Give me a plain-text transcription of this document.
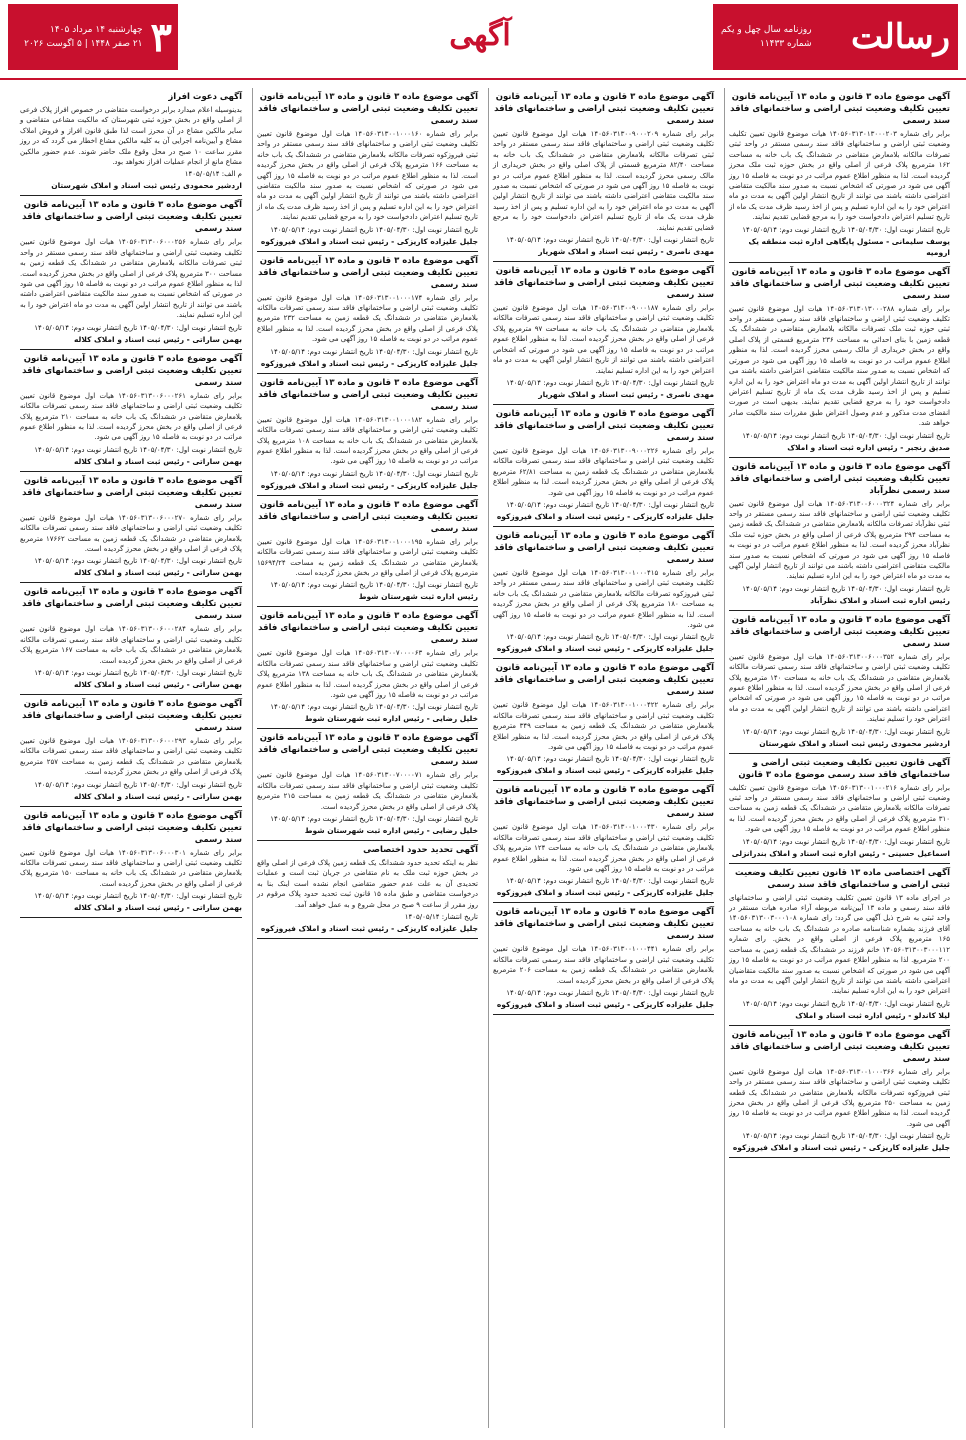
رسالت
روزنامه سال چهل و یکم
شماره ۱۱۴۳۳
آگهی
۳
چهارشنبه ۱۴ مرداد ۱۴۰۵
۲۱ صفر ۱۴۴۸ | ۵ اگوست ۲۰۲۶
آگهی موضوع ماده ۳ قانون و ماده ۱۳ آیین‌نامه قانون تعیین تکلیف وضعیت ثبتی اراضی و ساختمانهای فاقد سند رسمی
برابر رای شماره ۱۴۰۵۶۰۳۱۳۰۱۳۰۰۰۲۰۳ هیات موضوع قانون تعیین تکلیف وضعیت ثبتی اراضی و ساختمانهای فاقد سند رسمی مستقر در واحد ثبتی تصرفات مالکانه بلامعارض متقاضی در ششدانگ یک باب خانه به مساحت ۱۶۲ مترمربع پلاک فرعی از اصلی واقع در بخش حوزه ثبت ملک محرز گردیده است. لذا به منظور اطلاع عموم مراتب در دو نوبت به فاصله ۱۵ روز آگهی می شود در صورتی که اشخاص نسبت به صدور سند مالکیت متقاضی اعتراضی داشته باشند می توانند از تاریخ انتشار اولین آگهی به مدت دو ماه اعتراض خود را به این اداره تسلیم و پس از اخذ رسید ظرف مدت یک ماه از تاریخ تسلیم اعتراض دادخواست خود را به مرجع قضایی تقدیم نمایند.
تاریخ انتشار نوبت اول: ۱۴۰۵/۰۴/۳۰ تاریخ انتشار نوبت دوم: ۱۴۰۵/۰۵/۱۴
یوسف سلیمانی - مسئول پایگاهی اداره ثبت منطقه یک ارومیه
آگهی موضوع ماده ۳ قانون و ماده ۱۳ آیین‌نامه قانون تعیین تکلیف وضعیت ثبتی اراضی و ساختمانهای فاقد سند رسمی
برابر رای شماره ۱۴۰۵۶۰۳۱۳۰۱۳۰۰۰۲۸۸ هیات اول موضوع قانون تعیین تکلیف وضعیت ثبتی اراضی و ساختمانهای فاقد سند رسمی مستقر در واحد ثبتی حوزه ثبت ملک تصرفات مالکانه بلامعارض متقاضی در ششدانگ یک قطعه زمین با بنای احداثی به مساحت ۲۳۶ مترمربع قسمتی از پلاک اصلی واقع در بخش خریداری از مالک رسمی محرز گردیده است. لذا به منظور اطلاع عموم مراتب در دو نوبت به فاصله ۱۵ روز آگهی می شود در صورتی که اشخاص نسبت به صدور سند مالکیت متقاضی اعتراضی داشته باشند می توانند از تاریخ انتشار اولین آگهی به مدت دو ماه اعتراض خود را به این اداره تسلیم و پس از اخذ رسید ظرف مدت یک ماه از تاریخ تسلیم اعتراض دادخواست خود را به مرجع قضایی تقدیم نمایند. بدیهی است در صورت انقضای مدت مذکور و عدم وصول اعتراض طبق مقررات سند مالکیت صادر خواهد شد.
تاریخ انتشار نوبت اول: ۱۴۰۵/۰۴/۳۰ تاریخ انتشار نوبت دوم: ۱۴۰۵/۰۵/۱۴
صدیق رنجبر - رئیس اداره ثبت اسناد و املاک
آگهی موضوع ماده ۳ قانون و ماده ۱۳ آیین‌نامه قانون تعیین تکلیف وضعیت ثبتی اراضی و ساختمانهای فاقد سند رسمی نظرآباد
برابر رای شماره ۱۴۰۵۶۰۳۱۳۰۰۶۰۰۰۳۲۴ هیات اول موضوع قانون تعیین تکلیف وضعیت ثبتی اراضی و ساختمانهای فاقد سند رسمی مستقر در واحد ثبتی نظرآباد تصرفات مالکانه بلامعارض متقاضی در ششدانگ یک قطعه زمین به مساحت ۲۹۴ مترمربع پلاک فرعی از اصلی واقع در بخش حوزه ثبت ملک نظرآباد محرز گردیده است. لذا به منظور اطلاع عموم مراتب در دو نوبت به فاصله ۱۵ روز آگهی می شود در صورتی که اشخاص نسبت به صدور سند مالکیت متقاضی اعتراضی داشته باشند می توانند از تاریخ انتشار اولین آگهی به مدت دو ماه اعتراض خود را به این اداره تسلیم نمایند.
تاریخ انتشار نوبت اول: ۱۴۰۵/۰۴/۳۰ تاریخ انتشار نوبت دوم: ۱۴۰۵/۰۵/۱۴
رئیس اداره ثبت اسناد و املاک نظرآباد
آگهی موضوع ماده ۳ قانون و ماده ۱۳ آیین‌نامه قانون تعیین تکلیف وضعیت ثبتی اراضی و ساختمانهای فاقد سند رسمی
برابر رای شماره ۱۴۰۵۶۰۳۱۳۰۰۶۰۰۰۳۵۲ هیات اول موضوع قانون تعیین تکلیف وضعیت ثبتی اراضی و ساختمانهای فاقد سند رسمی تصرفات مالکانه بلامعارض متقاضی در ششدانگ یک باب خانه به مساحت ۱۴۰ مترمربع پلاک فرعی از اصلی واقع در بخش محرز گردیده است. لذا به منظور اطلاع عموم مراتب در دو نوبت به فاصله ۱۵ روز آگهی می شود در صورتی که اشخاص اعتراضی داشته باشند می توانند از تاریخ انتشار اولین آگهی به مدت دو ماه اعتراض خود را تسلیم نمایند.
تاریخ انتشار نوبت اول: ۱۴۰۵/۰۴/۳۰ تاریخ انتشار نوبت دوم: ۱۴۰۵/۰۵/۱۴
اردشیر محمودی رئیس ثبت اسناد و املاک شهرستان
آگهی قانون تعیین تکلیف وضعیت ثبتی اراضی و ساختمانهای فاقد سند رسمی موضوع ماده ۳ قانون
برابر رای شماره ۱۴۰۵۶۰۳۱۳۰۰۱۰۰۰۲۱۶ هیات موضوع قانون تعیین تکلیف وضعیت ثبتی اراضی و ساختمانهای فاقد سند رسمی مستقر در واحد ثبتی تصرفات مالکانه بلامعارض متقاضی در ششدانگ یک قطعه زمین به مساحت ۳۱۰ مترمربع پلاک فرعی از اصلی واقع در بخش محرز گردیده است. لذا به منظور اطلاع عموم مراتب در دو نوبت به فاصله ۱۵ روز آگهی می شود.
تاریخ انتشار نوبت اول: ۱۴۰۵/۰۴/۳۰ تاریخ انتشار نوبت دوم: ۱۴۰۵/۰۵/۱۴
اسماعیل حسینی - رئیس اداره ثبت اسناد و املاک بندرانزلی
آگهی اختصاصی ماده ۱۳ قانون تعیین تکلیف وضعیت ثبتی اراضی و ساختمانهای فاقد سند رسمی
در اجرای ماده ۱۳ قانون تعیین تکلیف وضعیت ثبتی اراضی و ساختمانهای فاقد سند رسمی و ماده ۱۳ آیین‌نامه مربوطه آراء صادره هیات مستقر در واحد ثبتی به شرح ذیل آگهی می گردد: رای شماره ۱۴۰۵۶۰۳۱۳۰۰۳۰۰۰۱۰۸ آقای فرزند بشماره شناسنامه صادره در ششدانگ یک باب خانه به مساحت ۱۶۵ مترمربع پلاک فرعی از اصلی واقع در بخش. رای شماره ۱۴۰۵۶۰۳۱۳۰۰۳۰۰۰۱۱۲ خانم فرزند در ششدانگ یک قطعه زمین به مساحت ۲۰۰ مترمربع. لذا به منظور اطلاع عموم مراتب در دو نوبت به فاصله ۱۵ روز آگهی می شود در صورتی که اشخاص نسبت به صدور سند مالکیت متقاضیان اعتراضی داشته باشند می توانند از تاریخ انتشار اولین آگهی به مدت دو ماه اعتراض خود را به این اداره تسلیم نمایند.
تاریخ انتشار نوبت اول: ۱۴۰۵/۰۴/۳۰ تاریخ انتشار نوبت دوم: ۱۴۰۵/۰۵/۱۴
لیلا کاندلو - رئیس اداره ثبت اسناد و املاک
آگهی موضوع ماده ۳ قانون و ماده ۱۳ آیین‌نامه قانون تعیین تکلیف وضعیت ثبتی اراضی و ساختمانهای فاقد سند رسمی
برابر رای شماره ۱۴۰۵۶۰۳۱۳۰۰۱۰۰۰۳۶۶ هیات اول موضوع قانون تعیین تکلیف وضعیت ثبتی اراضی و ساختمانهای فاقد سند رسمی مستقر در واحد ثبتی فیروزکوه تصرفات مالکانه بلامعارض متقاضی در ششدانگ یک قطعه زمین به مساحت ۲۵۰ مترمربع پلاک فرعی از اصلی واقع در بخش محرز گردیده است. لذا به منظور اطلاع عموم مراتب در دو نوبت به فاصله ۱۵ روز آگهی می شود.
تاریخ انتشار نوبت اول: ۱۴۰۵/۰۴/۳۰ تاریخ انتشار نوبت دوم: ۱۴۰۵/۰۵/۱۴
جلیل علیزاده کاریزکی - رئیس ثبت اسناد و املاک فیروزکوه
آگهی موضوع ماده ۳ قانون و ماده ۱۳ آیین‌نامه قانون تعیین تکلیف وضعیت ثبتی اراضی و ساختمانهای فاقد سند رسمی
برابر رای شماره ۱۴۰۵۶۰۳۱۳۰۰۹۰۰۰۲۰۹ هیات اول موضوع قانون تعیین تکلیف وضعیت ثبتی اراضی و ساختمانهای فاقد سند رسمی مستقر در واحد ثبتی تصرفات مالکانه بلامعارض متقاضی در ششدانگ یک باب خانه به مساحت ۸۲/۴۰ مترمربع قسمتی از پلاک اصلی واقع در بخش خریداری از مالک رسمی محرز گردیده است. لذا به منظور اطلاع عموم مراتب در دو نوبت به فاصله ۱۵ روز آگهی می شود در صورتی که اشخاص نسبت به صدور سند مالکیت متقاضی اعتراضی داشته باشند می توانند از تاریخ انتشار اولین آگهی به مدت دو ماه اعتراض خود را به این اداره تسلیم و پس از اخذ رسید ظرف مدت یک ماه از تاریخ تسلیم اعتراض دادخواست خود را به مرجع قضایی تقدیم نمایند.
تاریخ انتشار نوبت اول: ۱۴۰۵/۰۴/۳۰ تاریخ انتشار نوبت دوم: ۱۴۰۵/۰۵/۱۴
مهدی ناصری - رئیس ثبت اسناد و املاک شهریار
آگهی موضوع ماده ۳ قانون و ماده ۱۳ آیین‌نامه قانون تعیین تکلیف وضعیت ثبتی اراضی و ساختمانهای فاقد سند رسمی
برابر رای شماره ۱۴۰۵۶۰۳۱۳۰۰۹۰۰۰۱۸۷ هیات اول موضوع قانون تعیین تکلیف وضعیت ثبتی اراضی و ساختمانهای فاقد سند رسمی تصرفات مالکانه بلامعارض متقاضی در ششدانگ یک باب خانه به مساحت ۹۷ مترمربع پلاک فرعی از اصلی واقع در بخش محرز گردیده است. لذا به منظور اطلاع عموم مراتب در دو نوبت به فاصله ۱۵ روز آگهی می شود در صورتی که اشخاص اعتراضی داشته باشند می توانند از تاریخ انتشار اولین آگهی به مدت دو ماه اعتراض خود را به این اداره تسلیم نمایند.
تاریخ انتشار نوبت اول: ۱۴۰۵/۰۴/۳۰ تاریخ انتشار نوبت دوم: ۱۴۰۵/۰۵/۱۴
مهدی ناصری - رئیس ثبت اسناد و املاک شهریار
آگهی موضوع ماده ۳ قانون و ماده ۱۳ آیین‌نامه قانون تعیین تکلیف وضعیت ثبتی اراضی و ساختمانهای فاقد سند رسمی
برابر رای شماره ۱۴۰۵۶۰۳۱۳۰۰۹۰۰۰۲۲۶ هیات اول موضوع قانون تعیین تکلیف وضعیت ثبتی اراضی و ساختمانهای فاقد سند رسمی تصرفات مالکانه بلامعارض متقاضی در ششدانگ یک قطعه زمین به مساحت ۶۲/۸۱ مترمربع پلاک فرعی از اصلی واقع در بخش محرز گردیده است. لذا به منظور اطلاع عموم مراتب در دو نوبت به فاصله ۱۵ روز آگهی می شود.
تاریخ انتشار نوبت اول: ۱۴۰۵/۰۴/۳۰ تاریخ انتشار نوبت دوم: ۱۴۰۵/۰۵/۱۴
جلیل علیزاده کاریزکی - رئیس ثبت اسناد و املاک فیروزکوه
آگهی موضوع ماده ۳ قانون و ماده ۱۳ آیین‌نامه قانون تعیین تکلیف وضعیت ثبتی اراضی و ساختمانهای فاقد سند رسمی
برابر رای شماره ۱۴۰۵۶۰۳۱۳۰۰۱۰۰۰۴۱۵ هیات اول موضوع قانون تعیین تکلیف وضعیت ثبتی اراضی و ساختمانهای فاقد سند رسمی مستقر در واحد ثبتی فیروزکوه تصرفات مالکانه بلامعارض متقاضی در ششدانگ یک باب خانه به مساحت ۱۸۰ مترمربع پلاک فرعی از اصلی واقع در بخش محرز گردیده است. لذا به منظور اطلاع عموم مراتب در دو نوبت به فاصله ۱۵ روز آگهی می شود.
تاریخ انتشار نوبت اول: ۱۴۰۵/۰۴/۳۰ تاریخ انتشار نوبت دوم: ۱۴۰۵/۰۵/۱۴
جلیل علیزاده کاریزکی - رئیس ثبت اسناد و املاک فیروزکوه
آگهی موضوع ماده ۳ قانون و ماده ۱۳ آیین‌نامه قانون تعیین تکلیف وضعیت ثبتی اراضی و ساختمانهای فاقد سند رسمی
برابر رای شماره ۱۴۰۵۶۰۳۱۳۰۰۱۰۰۰۴۲۲ هیات اول موضوع قانون تعیین تکلیف وضعیت ثبتی اراضی و ساختمانهای فاقد سند رسمی تصرفات مالکانه بلامعارض متقاضی در ششدانگ یک قطعه زمین به مساحت ۳۴۹ مترمربع پلاک فرعی از اصلی واقع در بخش محرز گردیده است. لذا به منظور اطلاع عموم مراتب در دو نوبت به فاصله ۱۵ روز آگهی می شود.
تاریخ انتشار نوبت اول: ۱۴۰۵/۰۴/۳۰ تاریخ انتشار نوبت دوم: ۱۴۰۵/۰۵/۱۴
جلیل علیزاده کاریزکی - رئیس ثبت اسناد و املاک فیروزکوه
آگهی موضوع ماده ۳ قانون و ماده ۱۳ آیین‌نامه قانون تعیین تکلیف وضعیت ثبتی اراضی و ساختمانهای فاقد سند رسمی
برابر رای شماره ۱۴۰۵۶۰۳۱۳۰۰۱۰۰۰۴۳۰ هیات اول موضوع قانون تعیین تکلیف وضعیت ثبتی اراضی و ساختمانهای فاقد سند رسمی تصرفات مالکانه بلامعارض متقاضی در ششدانگ یک باب خانه به مساحت ۱۲۴ مترمربع پلاک فرعی از اصلی واقع در بخش محرز گردیده است. لذا به منظور اطلاع عموم مراتب در دو نوبت به فاصله ۱۵ روز آگهی می شود.
تاریخ انتشار نوبت اول: ۱۴۰۵/۰۴/۳۰ تاریخ انتشار نوبت دوم: ۱۴۰۵/۰۵/۱۴
جلیل علیزاده کاریزکی - رئیس ثبت اسناد و املاک فیروزکوه
آگهی موضوع ماده ۳ قانون و ماده ۱۳ آیین‌نامه قانون تعیین تکلیف وضعیت ثبتی اراضی و ساختمانهای فاقد سند رسمی
برابر رای شماره ۱۴۰۵۶۰۳۱۳۰۰۱۰۰۰۴۴۱ هیات اول موضوع قانون تعیین تکلیف وضعیت ثبتی اراضی و ساختمانهای فاقد سند رسمی تصرفات مالکانه بلامعارض متقاضی در ششدانگ یک قطعه زمین به مساحت ۲۰۶ مترمربع پلاک فرعی از اصلی واقع در بخش محرز گردیده است.
تاریخ انتشار نوبت اول: ۱۴۰۵/۰۴/۳۰ تاریخ انتشار نوبت دوم: ۱۴۰۵/۰۵/۱۴
جلیل علیزاده کاریزکی - رئیس ثبت اسناد و املاک فیروزکوه
آگهی موضوع ماده ۳ قانون و ماده ۱۳ آیین‌نامه قانون تعیین تکلیف وضعیت ثبتی اراضی و ساختمانهای فاقد سند رسمی
برابر رای شماره ۱۴۰۵۶۰۳۱۳۰۰۱۰۰۰۱۶۰ هیات اول موضوع قانون تعیین تکلیف وضعیت ثبتی اراضی و ساختمانهای فاقد سند رسمی مستقر در واحد ثبتی فیروزکوه تصرفات مالکانه بلامعارض متقاضی در ششدانگ یک باب خانه به مساحت ۱۶۶ مترمربع پلاک فرعی از اصلی واقع در بخش محرز گردیده است. لذا به منظور اطلاع عموم مراتب در دو نوبت به فاصله ۱۵ روز آگهی می شود در صورتی که اشخاص نسبت به صدور سند مالکیت متقاضی اعتراضی داشته باشند می توانند از تاریخ انتشار اولین آگهی به مدت دو ماه اعتراض خود را به این اداره تسلیم و پس از اخذ رسید ظرف مدت یک ماه از تاریخ تسلیم اعتراض دادخواست خود را به مرجع قضایی تقدیم نمایند.
تاریخ انتشار نوبت اول: ۱۴۰۵/۰۴/۳۰ تاریخ انتشار نوبت دوم: ۱۴۰۵/۰۵/۱۴
جلیل علیزاده کاریزکی - رئیس ثبت اسناد و املاک فیروزکوه
آگهی موضوع ماده ۳ قانون و ماده ۱۳ آیین‌نامه قانون تعیین تکلیف وضعیت ثبتی اراضی و ساختمانهای فاقد سند رسمی
برابر رای شماره ۱۴۰۵۶۰۳۱۳۰۰۱۰۰۰۱۷۴ هیات اول موضوع قانون تعیین تکلیف وضعیت ثبتی اراضی و ساختمانهای فاقد سند رسمی تصرفات مالکانه بلامعارض متقاضی در ششدانگ یک قطعه زمین به مساحت ۲۳۲ مترمربع پلاک فرعی از اصلی واقع در بخش محرز گردیده است. لذا به منظور اطلاع عموم مراتب در دو نوبت به فاصله ۱۵ روز آگهی می شود.
تاریخ انتشار نوبت اول: ۱۴۰۵/۰۴/۳۰ تاریخ انتشار نوبت دوم: ۱۴۰۵/۰۵/۱۴
جلیل علیزاده کاریزکی - رئیس ثبت اسناد و املاک فیروزکوه
آگهی موضوع ماده ۳ قانون و ماده ۱۳ آیین‌نامه قانون تعیین تکلیف وضعیت ثبتی اراضی و ساختمانهای فاقد سند رسمی
برابر رای شماره ۱۴۰۵۶۰۳۱۳۰۰۱۰۰۰۱۸۲ هیات اول موضوع قانون تعیین تکلیف وضعیت ثبتی اراضی و ساختمانهای فاقد سند رسمی تصرفات مالکانه بلامعارض متقاضی در ششدانگ یک باب خانه به مساحت ۱۰۸ مترمربع پلاک فرعی از اصلی واقع در بخش محرز گردیده است. لذا به منظور اطلاع عموم مراتب در دو نوبت به فاصله ۱۵ روز آگهی می شود.
تاریخ انتشار نوبت اول: ۱۴۰۵/۰۴/۳۰ تاریخ انتشار نوبت دوم: ۱۴۰۵/۰۵/۱۴
جلیل علیزاده کاریزکی - رئیس ثبت اسناد و املاک فیروزکوه
آگهی موضوع ماده ۳ قانون و ماده ۱۳ آیین‌نامه قانون تعیین تکلیف وضعیت ثبتی اراضی و ساختمانهای فاقد سند رسمی
برابر رای شماره ۱۴۰۵۶۰۳۱۳۰۰۱۰۰۰۱۹۵ هیات اول موضوع قانون تعیین تکلیف وضعیت ثبتی اراضی و ساختمانهای فاقد سند رسمی تصرفات مالکانه بلامعارض متقاضی در ششدانگ یک قطعه زمین به مساحت ۱۵۶۹۴/۲۴ مترمربع پلاک فرعی از اصلی واقع در بخش محرز گردیده است.
تاریخ انتشار نوبت اول: ۱۴۰۵/۰۴/۳۰ تاریخ انتشار نوبت دوم: ۱۴۰۵/۰۵/۱۴
رئیس اداره ثبت شهرستان شوط
آگهی موضوع ماده ۳ قانون و ماده ۱۳ آیین‌نامه قانون تعیین تکلیف وضعیت ثبتی اراضی و ساختمانهای فاقد سند رسمی
برابر رای شماره ۱۴۰۵۶۰۳۱۳۰۰۷۰۰۰۰۶۳ هیات اول موضوع قانون تعیین تکلیف وضعیت ثبتی اراضی و ساختمانهای فاقد سند رسمی تصرفات مالکانه بلامعارض متقاضی در ششدانگ یک باب خانه به مساحت ۱۳۸ مترمربع پلاک فرعی از اصلی واقع در بخش محرز گردیده است. لذا به منظور اطلاع عموم مراتب در دو نوبت به فاصله ۱۵ روز آگهی می شود.
تاریخ انتشار نوبت اول: ۱۴۰۵/۰۴/۳۰ تاریخ انتشار نوبت دوم: ۱۴۰۵/۰۵/۱۴
خلیل رضایی - رئیس اداره ثبت شهرستان شوط
آگهی موضوع ماده ۳ قانون و ماده ۱۳ آیین‌نامه قانون تعیین تکلیف وضعیت ثبتی اراضی و ساختمانهای فاقد سند رسمی
برابر رای شماره ۱۴۰۵۶۰۳۱۳۰۰۷۰۰۰۰۷۱ هیات اول موضوع قانون تعیین تکلیف وضعیت ثبتی اراضی و ساختمانهای فاقد سند رسمی تصرفات مالکانه بلامعارض متقاضی در ششدانگ یک قطعه زمین به مساحت ۲۱۵ مترمربع پلاک فرعی از اصلی واقع در بخش محرز گردیده است.
تاریخ انتشار نوبت اول: ۱۴۰۵/۰۴/۳۰ تاریخ انتشار نوبت دوم: ۱۴۰۵/۰۵/۱۴
خلیل رضایی - رئیس اداره ثبت شهرستان شوط
آگهی تحدید حدود اختصاصی
نظر به اینکه تحدید حدود ششدانگ یک قطعه زمین پلاک فرعی از اصلی واقع در بخش حوزه ثبت ملک به نام متقاضی در جریان ثبت است و عملیات تحدیدی آن به علت عدم حضور متقاضی انجام نشده است اینک بنا به درخواست متقاضی و طبق ماده ۱۵ قانون ثبت تحدید حدود پلاک مرقوم در روز مقرر از ساعت ۹ صبح در محل شروع و به عمل خواهد آمد.
تاریخ انتشار: ۱۴۰۵/۰۵/۱۴
جلیل علیزاده کاریزکی - رئیس ثبت اسناد و املاک فیروزکوه
آگهی دعوت افراز
بدینوسیله اعلام میدارد برابر درخواست متقاضی در خصوص افراز پلاک فرعی از اصلی واقع در بخش حوزه ثبتی شهرستان که مالکیت مشاعی متقاضی و سایر مالکین مشاع در آن محرز است لذا طبق قانون افراز و فروش املاک مشاع و آیین‌نامه اجرایی آن به کلیه مالکین مشاع اخطار می گردد که در روز مقرر ساعت ۱۰ صبح در محل وقوع ملک حاضر شوند. عدم حضور مالکین مشاع مانع از انجام عملیات افراز نخواهد بود.
م الف: ۱۴۰۵/۰۵/۱۴
اردشیر محمودی رئیس ثبت اسناد و املاک شهرستان
آگهی موضوع ماده ۳ قانون و ماده ۱۳ آیین‌نامه قانون تعیین تکلیف وضعیت ثبتی اراضی و ساختمانهای فاقد سند رسمی
برابر رای شماره ۱۴۰۵۶۰۳۱۳۰۰۶۰۰۰۲۵۶ هیات اول موضوع قانون تعیین تکلیف وضعیت ثبتی اراضی و ساختمانهای فاقد سند رسمی مستقر در واحد ثبتی تصرفات مالکانه بلامعارض متقاضی در ششدانگ یک قطعه زمین به مساحت ۳۰۰ مترمربع پلاک فرعی از اصلی واقع در بخش محرز گردیده است. لذا به منظور اطلاع عموم مراتب در دو نوبت به فاصله ۱۵ روز آگهی می شود در صورتی که اشخاص نسبت به صدور سند مالکیت متقاضی اعتراضی داشته باشند می توانند از تاریخ انتشار اولین آگهی به مدت دو ماه اعتراض خود را به این اداره تسلیم نمایند.
تاریخ انتشار نوبت اول: ۱۴۰۵/۰۴/۳۰ تاریخ انتشار نوبت دوم: ۱۴۰۵/۰۵/۱۴
بهمن ساراتی - رئیس ثبت اسناد و املاک کلاله
آگهی موضوع ماده ۳ قانون و ماده ۱۳ آیین‌نامه قانون تعیین تکلیف وضعیت ثبتی اراضی و ساختمانهای فاقد سند رسمی
برابر رای شماره ۱۴۰۵۶۰۳۱۳۰۰۶۰۰۰۲۶۱ هیات اول موضوع قانون تعیین تکلیف وضعیت ثبتی اراضی و ساختمانهای فاقد سند رسمی تصرفات مالکانه بلامعارض متقاضی در ششدانگ یک باب خانه به مساحت ۲۱۰ مترمربع پلاک فرعی از اصلی واقع در بخش محرز گردیده است. لذا به منظور اطلاع عموم مراتب در دو نوبت به فاصله ۱۵ روز آگهی می شود.
تاریخ انتشار نوبت اول: ۱۴۰۵/۰۴/۳۰ تاریخ انتشار نوبت دوم: ۱۴۰۵/۰۵/۱۴
بهمن ساراتی - رئیس ثبت اسناد و املاک کلاله
آگهی موضوع ماده ۳ قانون و ماده ۱۳ آیین‌نامه قانون تعیین تکلیف وضعیت ثبتی اراضی و ساختمانهای فاقد سند رسمی
برابر رای شماره ۱۴۰۵۶۰۳۱۳۰۰۶۰۰۰۲۷۰ هیات اول موضوع قانون تعیین تکلیف وضعیت ثبتی اراضی و ساختمانهای فاقد سند رسمی تصرفات مالکانه بلامعارض متقاضی در ششدانگ یک قطعه زمین به مساحت ۱۷۶۶۲ مترمربع پلاک فرعی از اصلی واقع در بخش محرز گردیده است.
تاریخ انتشار نوبت اول: ۱۴۰۵/۰۴/۳۰ تاریخ انتشار نوبت دوم: ۱۴۰۵/۰۵/۱۴
بهمن ساراتی - رئیس ثبت اسناد و املاک کلاله
آگهی موضوع ماده ۳ قانون و ماده ۱۳ آیین‌نامه قانون تعیین تکلیف وضعیت ثبتی اراضی و ساختمانهای فاقد سند رسمی
برابر رای شماره ۱۴۰۵۶۰۳۱۳۰۰۶۰۰۰۲۸۴ هیات اول موضوع قانون تعیین تکلیف وضعیت ثبتی اراضی و ساختمانهای فاقد سند رسمی تصرفات مالکانه بلامعارض متقاضی در ششدانگ یک باب خانه به مساحت ۱۶۷ مترمربع پلاک فرعی از اصلی واقع در بخش محرز گردیده است.
تاریخ انتشار نوبت اول: ۱۴۰۵/۰۴/۳۰ تاریخ انتشار نوبت دوم: ۱۴۰۵/۰۵/۱۴
بهمن ساراتی - رئیس ثبت اسناد و املاک کلاله
آگهی موضوع ماده ۳ قانون و ماده ۱۳ آیین‌نامه قانون تعیین تکلیف وضعیت ثبتی اراضی و ساختمانهای فاقد سند رسمی
برابر رای شماره ۱۴۰۵۶۰۳۱۳۰۰۶۰۰۰۲۹۳ هیات اول موضوع قانون تعیین تکلیف وضعیت ثبتی اراضی و ساختمانهای فاقد سند رسمی تصرفات مالکانه بلامعارض متقاضی در ششدانگ یک قطعه زمین به مساحت ۲۵۷ مترمربع پلاک فرعی از اصلی واقع در بخش محرز گردیده است.
تاریخ انتشار نوبت اول: ۱۴۰۵/۰۴/۳۰ تاریخ انتشار نوبت دوم: ۱۴۰۵/۰۵/۱۴
بهمن ساراتی - رئیس ثبت اسناد و املاک کلاله
آگهی موضوع ماده ۳ قانون و ماده ۱۳ آیین‌نامه قانون تعیین تکلیف وضعیت ثبتی اراضی و ساختمانهای فاقد سند رسمی
برابر رای شماره ۱۴۰۵۶۰۳۱۳۰۰۶۰۰۰۳۰۱ هیات اول موضوع قانون تعیین تکلیف وضعیت ثبتی اراضی و ساختمانهای فاقد سند رسمی تصرفات مالکانه بلامعارض متقاضی در ششدانگ یک باب خانه به مساحت ۱۵۰ مترمربع پلاک فرعی از اصلی واقع در بخش محرز گردیده است.
تاریخ انتشار نوبت اول: ۱۴۰۵/۰۴/۳۰ تاریخ انتشار نوبت دوم: ۱۴۰۵/۰۵/۱۴
بهمن ساراتی - رئیس ثبت اسناد و املاک کلاله
